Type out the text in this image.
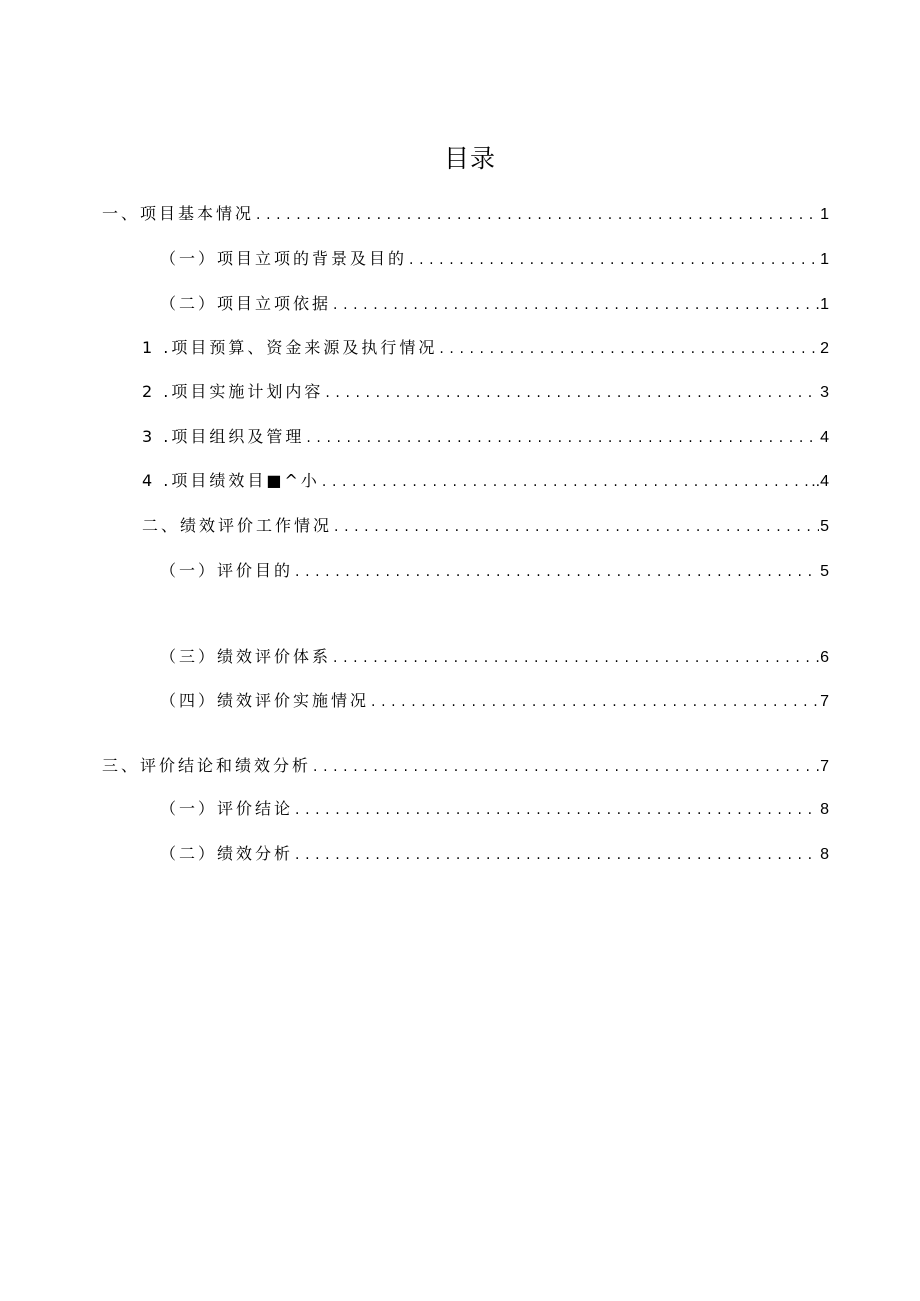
目录
一、项目基本情况 .....	1
（一）项目立项的背景及目的 .....	1
（二）项目立项依据 .....	1
1 .项目预算、资金来源及执行情况 .....	2
2 .项目实施计划内容 .....	3
3 .项目组织及管理 .....	4
4 .项目绩效目■^小 .....	..4
二、绩效评价工作情况 .....	5
（一）评价目的 .....	5
（三）绩效评价体系 .....	6
（四）绩效评价实施情况 .....	7
三、评价结论和绩效分析 .....	7
（一）评价结论 .....	8
（二）绩效分析 .....	8
